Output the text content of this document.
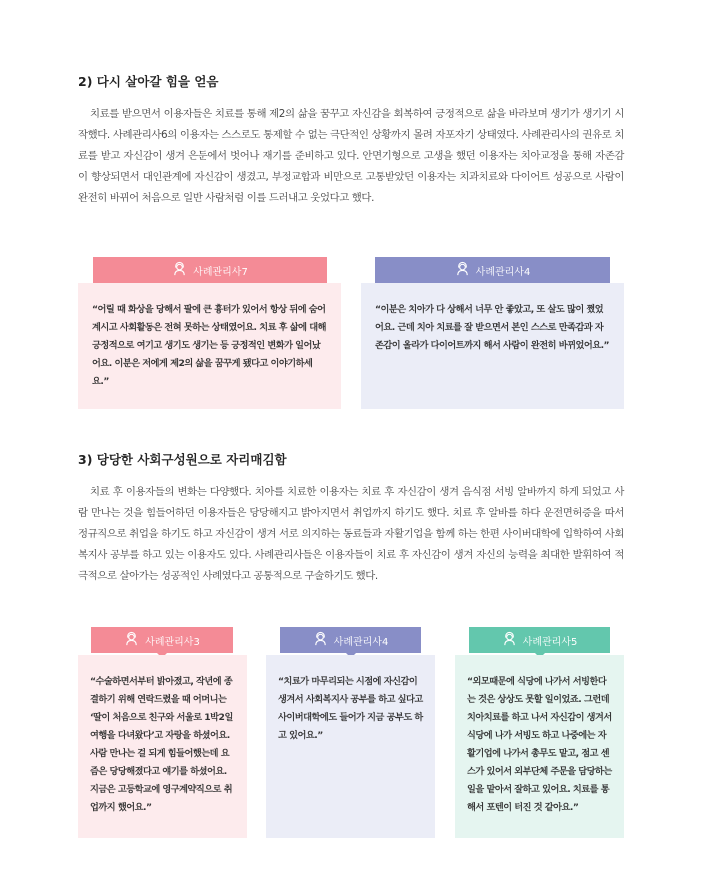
2) 다시 살아갈 힘을 얻음

치료를 받으면서 이용자들은 치료를 통해 제2의 삶을 꿈꾸고 자신감을 회복하여 긍정적으로 삶을 바라보며 생기가 생기기 시작했다. 사례관리사6의 이용자는 스스로도 통제할 수 없는 극단적인 상황까지 몰려 자포자기 상태였다. 사례관리사의 권유로 치료를 받고 자신감이 생겨 은둔에서 벗어나 재기를 준비하고 있다. 안면기형으로 고생을 했던 이용자는 치아교정을 통해 자존감이 향상되면서 대인관계에 자신감이 생겼고, 부정교합과 비만으로 고통받았던 이용자는 치과치료와 다이어트 성공으로 사람이 완전히 바뀌어 처음으로 일반 사람처럼 이를 드러내고 웃었다고 했다.

사례관리사7
“어릴 때 화상을 당해서 팔에 큰 흉터가 있어서 항상 뒤에 숨어 계시고 사회활동은 전혀 못하는 상태였어요. 치료 후 삶에 대해 긍정적으로 여기고 생기도 생기는 등 긍정적인 변화가 일어났어요. 이분은 저에게 제2의 삶을 꿈꾸게 됐다고 이야기하세요.”
사례관리사4
“이분은 치아가 다 상해서 너무 안 좋았고, 또 살도 많이 쪘었어요. 근데 치아 치료를 잘 받으면서 본인 스스로 만족감과 자존감이 올라가 다이어트까지 해서 사람이 완전히 바뀌었어요.”
3) 당당한 사회구성원으로 자리매김함

치료 후 이용자들의 변화는 다양했다. 치아를 치료한 이용자는 치료 후 자신감이 생겨 음식점 서빙 알바까지 하게 되었고 사람 만나는 것을 힘들어하던 이용자들은 당당해지고 밝아지면서 취업까지 하기도 했다. 치료 후 알바를 하다 운전면허증을 따서 정규직으로 취업을 하기도 하고 자신감이 생겨 서로 의지하는 동료들과 자활기업을 함께 하는 한편 사이버대학에 입학하여 사회복지사 공부를 하고 있는 이용자도 있다. 사례관리사들은 이용자들이 치료 후 자신감이 생겨 자신의 능력을 최대한 발휘하여 적극적으로 살아가는 성공적인 사례였다고 공통적으로 구술하기도 했다.

사례관리사3
“수술하면서부터 밝아졌고, 작년에 종결하기 위해 연락드렸을 때 어머니는 ‘딸이 처음으로 친구와 서울로 1박2일 여행을 다녀왔다’고 자랑을 하셨어요. 사람 만나는 걸 되게 힘들어했는데 요즘은 당당해졌다고 얘기를 하셨어요. 지금은 고등학교에 영구계약직으로 취업까지 했어요.”
사례관리사4
“치료가 마무리되는 시점에 자신감이 생겨서 사회복지사 공부를 하고 싶다고 사이버대학에도 들어가 지금 공부도 하고 있어요.”
사례관리사5
“외모때문에 식당에 나가서 서빙한다는 것은 상상도 못할 일이었죠. 그런데 치아치료를 하고 나서 자신감이 생겨서 식당에 나가 서빙도 하고 나중에는 자활기업에 나가서 총무도 맡고, 점고 센스가 있어서 외부단체 주문을 담당하는 일을 맡아서 잘하고 있어요. 치료를 통해서 포텐이 터진 것 같아요.”
